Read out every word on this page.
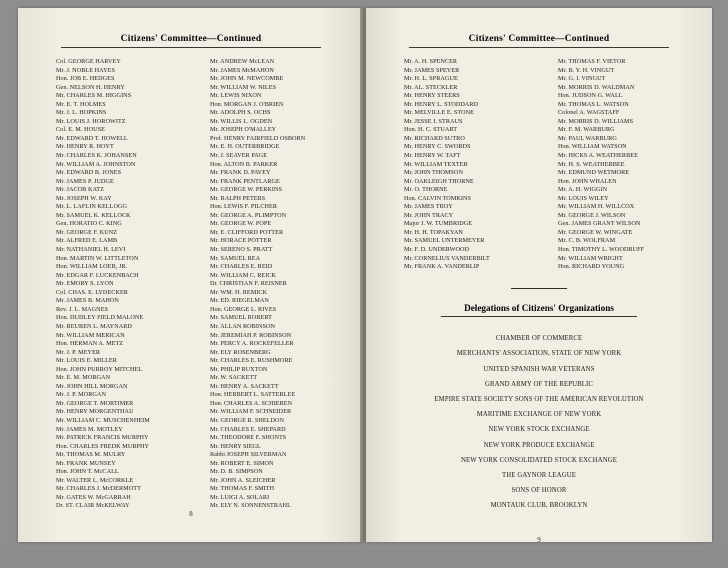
Citizens' Committee—Continued
Col. GEORGE HARVEY
Mr. J. NOBLE HAYES
Hon. JOB E. HEDGES
Gen. NELSON H. HENRY
Mr. CHARLES M. HIGGINS
Mr. E. T. HOLMES
Mr. J. L. HOPKINS
Mr. LOUIS J. HOROWITZ
Col. E. M. HOUSE
Mr. EDWARD T. HOWELL
Mr. HENRY R. HOYT
Mr. CHARLES K. JOHANSEN
Mr. WILLIAM A. JOHNSTON
Mr. EDWARD B. JONES
Mr. JAMES P. JUDGE
Mr. JACOB KATZ
Mr. JOSEPH W. KAY
Mr. L. LAFLIN KELLOGG
Mr. SAMUEL K. KELLOCK
Gen. HORATIO C. KING
Mr. GEORGE F. KUNZ
Mr. ALFRED E. LAMB
Mr. NATHANIEL H. LEVI
Hon. MARTIN W. LITTLETON
Hon. WILLIAM LOEB, JR.
Mr. EDGAR F. LUCKENBACH
Mr. EMORY S. LYON
Col. CHAS. E. LYDECKER
Mr. JAMES B. MAHON
Rev. J. L. MAGNES
Hon. DUDLEY FIELD MALONE
Mr. REUBEN L. MAYNARD
Mr. WILLIAM MERICAN
Hon. HERMAN A. METZ
Mr. J. P. MEYER
Mr. LOUIS E. MILLER
Hon. JOHN PURROY MITCHEL
Mr. E. M. MORGAN
Mr. JOHN HILL MORGAN
Mr. J. P. MORGAN
Mr. GEORGE T. MORTIMER
Mr. HENRY MORGENTHAU
Mr. WILLIAM C. MUSCHENHEIM
Mr. JAMES M. MOTLEY
Mr. PATRICK FRANCIS MURPHY
Hon. CHARLES FREDK MURPHY
Mr. THOMAS M. MULRY
Mr. FRANK MUNSEY
Hon. JOHN T. McCALL
Mr. WALTER L. McCORKLE
Mr. CHARLES J. McDERMOTT
Mr. GATES W. McGARRAH
Dr. ST. CLAIR McKELWAY
Mr. ANDREW McLEAN
Mr. JAMES McMAHON
Mr. JOHN M. NEWCOMBE
Mr. WILLIAM W. NILES
Mr. LEWIS NIXON
Hon. MORGAN J. O'BRIEN
Mr. ADOLPH S. OCHS
Mr. WILLIS L. OGDEN
Mr. JOSEPH O'MALLEY
Prof. HENRY FAIRFIELD OSBORN
Mr. E. H. OUTERBRIDGE
Mr. J. SEAVER PAGE
Hon. ALTON B. PARKER
Mr. FRANK D. PAVEY
Mr. FRANK PENTLARGE
Mr. GEORGE W. PERKINS
Mr. RALPH PETERS
Hon. LEWIS F. PILCHER
Mr. GEORGE A. PLIMPTON
Mr. GEORGE W. POPE
Mr. E. CLIFFORD POTTER
Mr. HORACE POTTER
Mr. SERENO S. PRATT
Mr. SAMUEL REA
Mr. CHARLES E. REID
Mr. WILLIAM C. REICK
Dr. CHRISTIAN F. REISNER
Mr. WM. H. REMICK
Mr. ED. RIEGELMAN
Hon. GEORGE L. RIVES
Mr. SAMUEL ROBERT
Mr. ALLAN ROBINSON
Mr. JEREMIAH P. ROBINSON
Mr. PERCY A. ROCKEFELLER
Mr. ELY ROSENBERG
Mr. CHARLES E. RUSHMORE
Mr. PHILIP RUXTON
Mr. W. SACKETT
Mr. HENRY A. SACKETT
Hon. HERBERT L. SATTERLEE
Hon. CHARLES A. SCHIEREN
Mr. WILLIAM F. SCHNEIDER
Mr. GEORGE R. SHELDON
Mr. CHARLES E. SHEPARD
Mr. THEODORE F. SHONTS
Mr. HENRY SIEGL
Rabbi JOSEPH SILVERMAN
Mr. ROBERT E. SIMON
Mr. D. B. SIMPSON
Mr. JOHN A. SLEICHER
Mr. THOMAS F. SMITH
Mr. LUIGI A. SOLARI
Mr. ELY N. SONNENSTRAHL
8
Citizens' Committee—Continued
Mr. A. H. SPENCER
Mr. JAMES SPEYER
Mr. H. L. SPRAGUE
Mr. AL. STECKLER
Mr. HENRY STEERS
Mr. HENRY L. STODDARD
Mr. MELVILLE E. STONE
Mr. JESSE I. STRAUS
Hon. H. C. STUART
Mr. RICHARD SUTRO
Mr. HENRY C. SWORDS
Mr. HENRY W. TAFT
Mr. WILLIAM TEXTER
Mr. JOHN THOMSON
Mr. OAKLEIGH THORNE
Mr. O. THORNE
Hon. CALVIN TOMKINS
Mr. JAMES TROY
Mr. JOHN TRACY
Major J. W. TUMBRIDGE
Mr. H. H. TOPAKYAN
Mr. SAMUEL UNTERMEYER
Mr. F. D. UNDERWOOD
Mr. CORNELIUS VANDERBILT
Mr. FRANK A. VANDERLIP
Mr. THOMAS F. VIETOR
Mr. B. Y. H. VINGUT
Mr. G. I. VINGUT
Mr. MORRIS D. WALDMAN
Hon. JUDSON G. WALL
Mr. THOMAS L. WATSON
Colonel A. WAGSTAFF
Mr. MORRIS D. WILLIAMS
Mr. F. M. WARBURG
Mr. PAUL WARBURG
Hon. WILLIAM WATSON
Mr. HICKS A. WEATHERBEE
Mr. H. S. WEATHERBEE
Mr. EDMUND WETMORE
Hon. JOHN WHALEN
Mr. A. H. WIGGIN
Mr. LOUIS WILEY
Mr. WILLIAM H. WILLCOX
Mr. GEORGE J. WILSON
Gen. JAMES GRANT WILSON
Mr. GEORGE W. WINGATE
Mr. C. B. WOLFRAM
Hon. TIMOTHY L. WOODRUFF
Mr. WILLIAM WRIGHT
Hon. RICHARD YOUNG
Delegations of Citizens' Organizations
CHAMBER OF COMMERCE
MERCHANTS' ASSOCIATION, STATE OF NEW YORK
UNITED SPANISH WAR VETERANS
GRAND ARMY OF THE REPUBLIC
EMPIRE STATE SOCIETY SONS OF THE AMERICAN REVOLUTION
MARITIME EXCHANGE OF NEW YORK
NEW YORK STOCK EXCHANGE
NEW YORK PRODUCE EXCHANGE
NEW YORK CONSOLIDATED STOCK EXCHANGE
THE GAYNOR LEAGUE
SONS OF HONOR
MONTAUK CLUB, BROOKLYN
9
